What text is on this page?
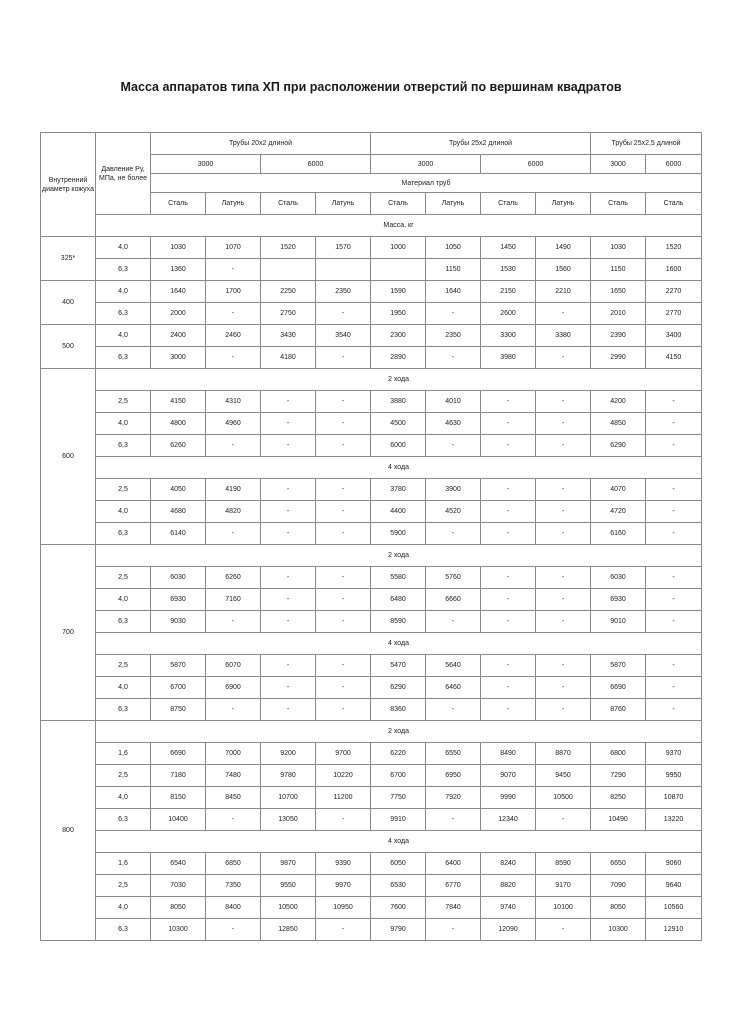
Масса аппаратов типа ХП при расположении отверстий по вершинам квадратов
Внутренний диаметр кожуха	Давление Ру, МПа, не более	Трубы 20х2 длиной				Трубы 25х2 длиной				Трубы 25х2,5 длиной	
		3000		6000		3000		6000		3000	6000
		Материал труб									
		Сталь	Латунь	Сталь	Латунь	Сталь	Латунь	Сталь	Латунь	Сталь	Сталь
	Масса, кг										
325*	4,0	1030	1070	1520	1570	1000	1050	1450	1490	1030	1520
	6,3	1360	-				1150	1530	1560	1150	1600
400	4,0	1640	1700	2250	2350	1590	1640	2150	2210	1650	2270
	6,3	2000	-	2750	-	1950	-	2600	-	2010	2770
500	4,0	2400	2460	3430	3540	2300	2350	3300	3380	2390	3400
	6,3	3000	-	4180	-	2890	-	3980	-	2990	4150
600	2 хода										
	2,5	4150	4310	-	-	3880	4010	-	-	4200	-
	4,0	4800	4960	-	-	4500	4630	-	-	4850	-
	6,3	6260	-	-	-	6000	-	-	-	6290	-
	4 хода										
	2,5	4050	4190	-	-	3780	3900	-	-	4070	-
	4,0	4680	4820	-	-	4400	4520	-	-	4720	-
	6,3	6140	-	-	-	5900	-	-	-	6160	-
700	2 хода										
	2,5	6030	6260	-	-	5580	5760	-	-	6030	-
	4,0	6930	7160	-	-	6480	6660	-	-	6930	-
	6,3	9030	-	-	-	8590	-	-	-	9010	-
	4 хода										
	2,5	5870	6070	-	-	5470	5640	-	-	5870	-
	4,0	6700	6900	-	-	6290	6460	-	-	6690	-
	6,3	8750	-	-	-	8360	-	-	-	8760	-
800	2 хода										
	1,6	6690	7000	9200	9700	6220	6550	8490	8870	6800	9370
	2,5	7180	7480	9780	10220	6700	6950	9070	9450	7290	9950
	4,0	8150	8450	10700	11200	7750	7920	9990	10500	8250	10870
	6,3	10400	-	13050	-	9910	-	12340	-	10490	13220
	4 хода										
	1,6	6540	6850	9870	9390	6050	6400	8240	8590	6650	9060
	2,5	7030	7350	9550	9970	6530	6770	8820	9170	7090	9640
	4,0	8050	8400	10500	10950	7600	7840	9740	10100	8050	10560
	6,3	10300	-	12850	-	9790	-	12090	-	10300	12910
